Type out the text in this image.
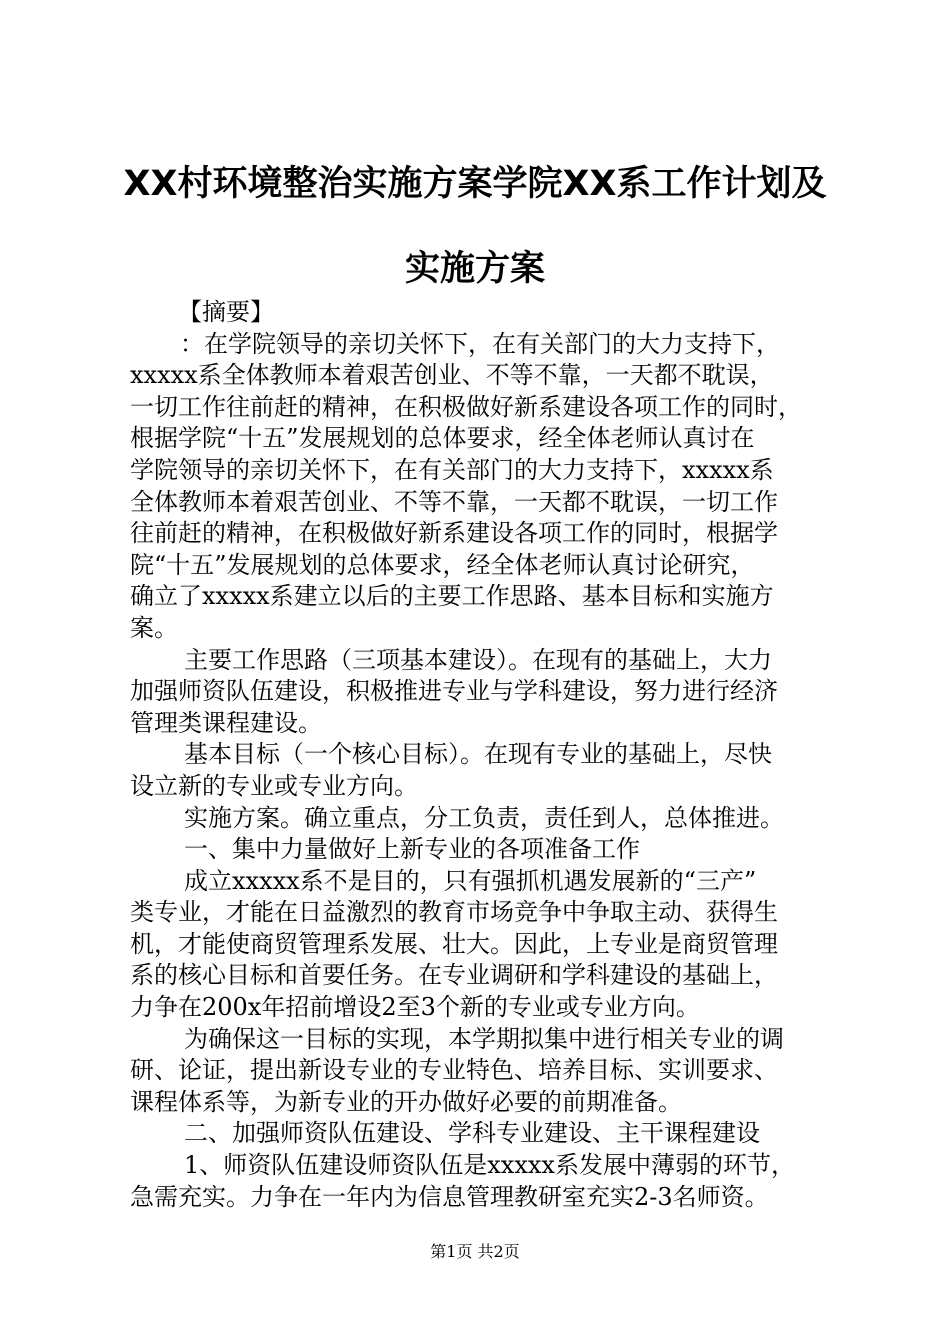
XX村环境整治实施方案学院XX系工作计划及
实施方案
【摘要】
：在学院领导的亲切关怀下，在有关部门的大力支持下，
xxxxx系全体教师本着艰苦创业、不等不靠，一天都不耽误，
一切工作往前赶的精神，在积极做好新系建设各项工作的同时，
根据学院“十五”发展规划的总体要求，经全体老师认真讨在
学院领导的亲切关怀下，在有关部门的大力支持下，xxxxx系
全体教师本着艰苦创业、不等不靠，一天都不耽误，一切工作
往前赶的精神，在积极做好新系建设各项工作的同时，根据学
院“十五”发展规划的总体要求，经全体老师认真讨论研究，
确立了xxxxx系建立以后的主要工作思路、基本目标和实施方
案。
主要工作思路（三项基本建设）。在现有的基础上，大力
加强师资队伍建设，积极推进专业与学科建设，努力进行经济
管理类课程建设。
基本目标（一个核心目标）。在现有专业的基础上，尽快
设立新的专业或专业方向。
实施方案。确立重点，分工负责，责任到人，总体推进。
一、集中力量做好上新专业的各项准备工作
成立xxxxx系不是目的，只有强抓机遇发展新的“三产”
类专业，才能在日益激烈的教育市场竞争中争取主动、获得生
机，才能使商贸管理系发展、壮大。因此，上专业是商贸管理
系的核心目标和首要任务。在专业调研和学科建设的基础上，
力争在200x年招前增设2至3个新的专业或专业方向。
为确保这一目标的实现，本学期拟集中进行相关专业的调
研、论证，提出新设专业的专业特色、培养目标、实训要求、
课程体系等，为新专业的开办做好必要的前期准备。
二、加强师资队伍建设、学科专业建设、主干课程建设
1、师资队伍建设师资队伍是xxxxx系发展中薄弱的环节，
急需充实。力争在一年内为信息管理教研室充实2-3名师资。
第1页 共2页
